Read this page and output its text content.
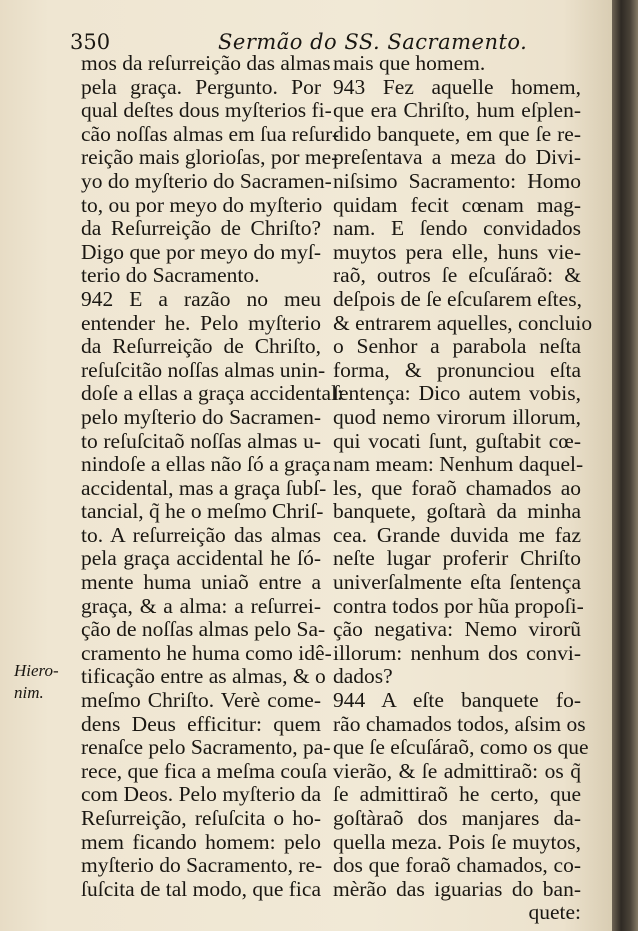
350	Sermão do SS. Sacramento.
Hiero-
nim.
mos da reſurreição das almas
pela graça. Pergunto. Por
qual deſtes dous myſterios fi-
cão noſſas almas em ſua reſur-
reição mais glorioſas, por me-
yo do myſterio do Sacramen-
to, ou por meyo do myſterio
da Reſurreição de Chriſto?
Digo que por meyo do myſ-
terio do Sacramento.
942 E a razão no meu
entender he. Pelo myſterio
da Reſurreição de Chriſto,
reſuſcitão noſſas almas unin-
doſe a ellas a graça accidental:
pelo myſterio do Sacramen-
to reſuſcitaõ noſſas almas u-
nindoſe a ellas não ſó a graça
accidental, mas a graça ſubſ-
tancial, q̃ he o meſmo Chriſ-
to. A reſurreição das almas
pela graça accidental he ſó-
mente huma uniaõ entre a
graça, & a alma: a reſurrei-
ção de noſſas almas pelo Sa-
cramento he huma como idê-
tificação entre as almas, & o
meſmo Chriſto. Verè come-
dens Deus efficitur: quem
renaſce pelo Sacramento, pa-
rece, que fica a meſma couſa
com Deos. Pelo myſterio da
Reſurreição, reſuſcita o ho-
mem ficando homem: pelo
myſterio do Sacramento, re-
ſuſcita de tal modo, que fica
mais que homem.
943 Fez aquelle homem,
que era Chriſto, hum eſplen-
dido banquete, em que ſe re-
preſentava a meza do Divi-
niſsimo Sacramento: Homo
quidam fecit cœnam mag-
nam. E ſendo convidados
muytos pera elle, huns vie-
raõ, outros ſe eſcuſáraõ: &
deſpois de ſe eſcuſarem eſtes,
& entrarem aquelles, concluio
o Senhor a parabola neſta
forma, & pronunciou eſta
ſentença: Dico autem vobis,
quod nemo virorum illorum,
qui vocati ſunt, guſtabit cœ-
nam meam: Nenhum daquel-
les, que foraõ chamados ao
banquete, goſtarà da minha
cea. Grande duvida me faz
neſte lugar proferir Chriſto
univerſalmente eſta ſentença
contra todos por hũa propoſi-
ção negativa: Nemo virorũ
illorum: nenhum dos convi-
dados?
944 A eſte banquete fo-
rão chamados todos, aſsim os
que ſe eſcuſáraõ, como os que
vierão, & ſe admittiraõ: os q̃
ſe admittiraõ he certo, que
goſtàraõ dos manjares da-
quella meza. Pois ſe muytos,
dos que foraõ chamados, co-
mèrão das iguarias do ban-
quete:
